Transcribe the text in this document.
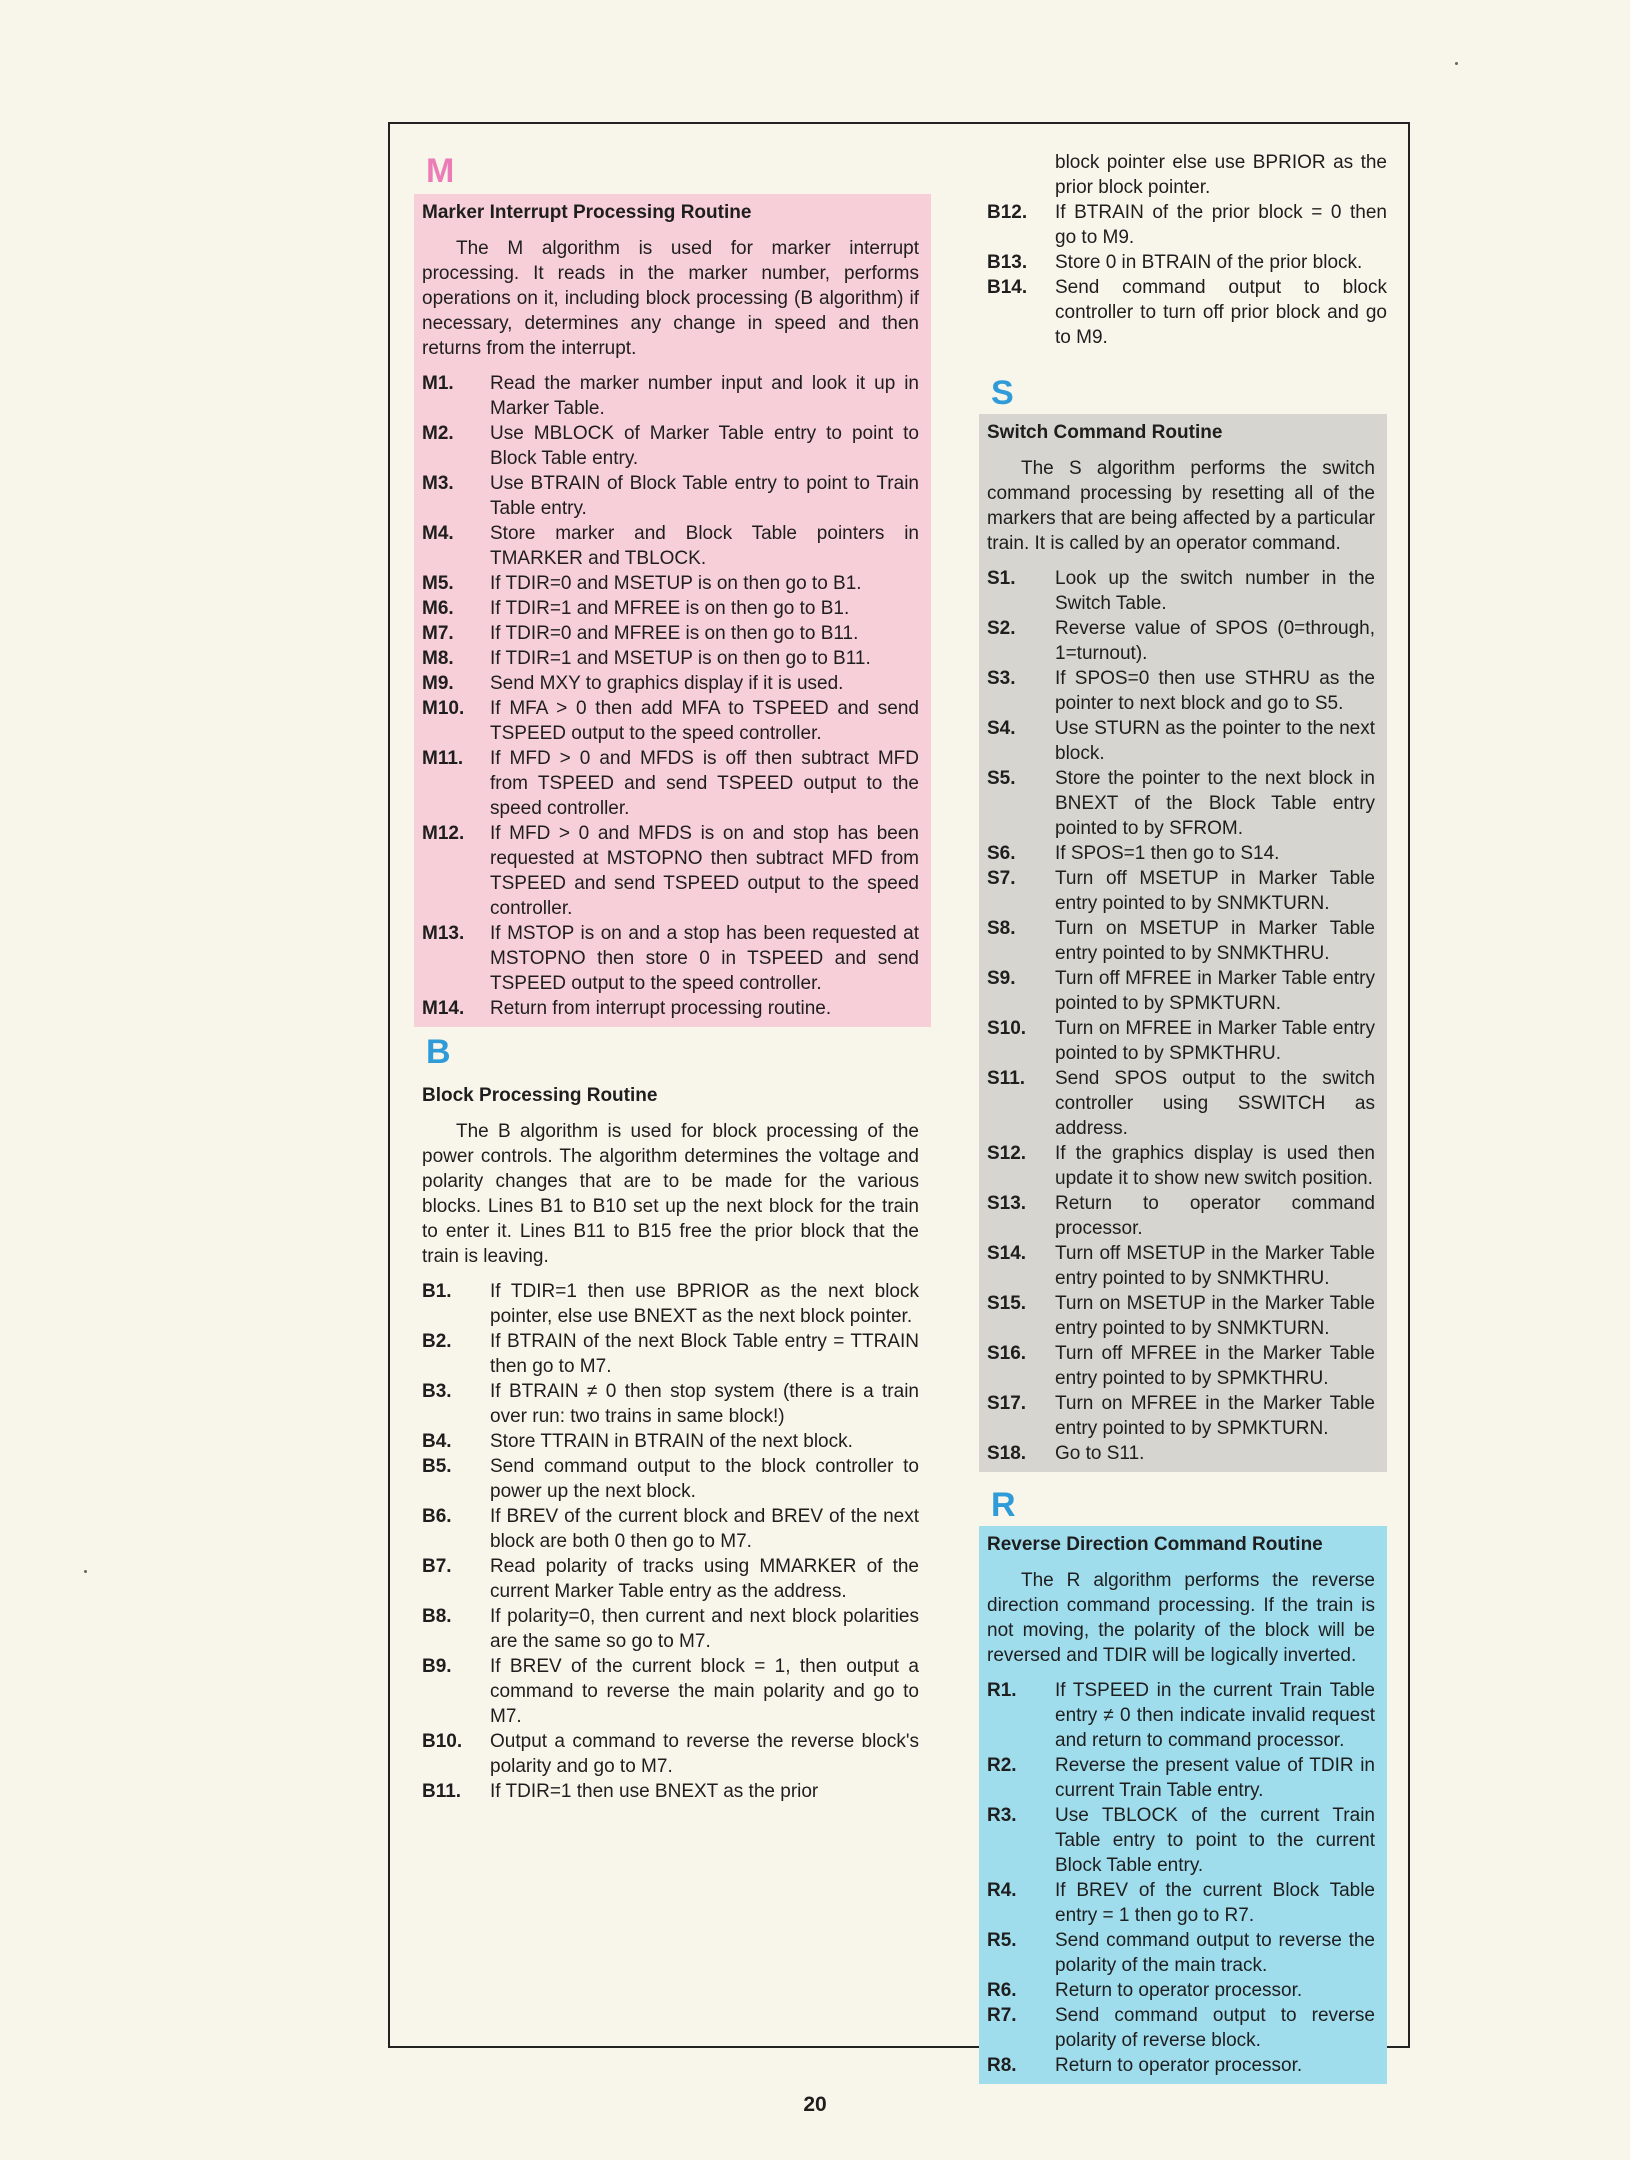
M
Marker Interrupt Processing Routine

The M algorithm is used for marker interrupt processing. It reads in the marker number, performs operations on it, including block processing (B algorithm) if necessary, determines any change in speed and then returns from the interrupt.

M1.	Read the marker number input and look it up in Marker Table.
M2.	Use MBLOCK of Marker Table entry to point to Block Table entry.
M3.	Use BTRAIN of Block Table entry to point to Train Table entry.
M4.	Store marker and Block Table pointers in TMARKER and TBLOCK.
M5.	If TDIR=0 and MSETUP is on then go to B1.
M6.	If TDIR=1 and MFREE is on then go to B1.
M7.	If TDIR=0 and MFREE is on then go to B11.
M8.	If TDIR=1 and MSETUP is on then go to B11.
M9.	Send MXY to graphics display if it is used.
M10.	If MFA > 0 then add MFA to TSPEED and send TSPEED output to the speed controller.
M11.	If MFD > 0 and MFDS is off then subtract MFD from TSPEED and send TSPEED output to the speed controller.
M12.	If MFD > 0 and MFDS is on and stop has been requested at MSTOPNO then subtract MFD from TSPEED and send TSPEED output to the speed controller.
M13.	If MSTOP is on and a stop has been requested at MSTOPNO then store 0 in TSPEED and send TSPEED output to the speed controller.
M14.	Return from interrupt processing routine.
B
Block Processing Routine

The B algorithm is used for block processing of the power controls. The algorithm determines the voltage and polarity changes that are to be made for the various blocks. Lines B1 to B10 set up the next block for the train to enter it. Lines B11 to B15 free the prior block that the train is leaving.

B1.	If TDIR=1 then use BPRIOR as the next block pointer, else use BNEXT as the next block pointer.
B2.	If BTRAIN of the next Block Table entry = TTRAIN then go to M7.
B3.	If BTRAIN ≠ 0 then stop system (there is a train over run: two trains in same block!)
B4.	Store TTRAIN in BTRAIN of the next block.
B5.	Send command output to the block controller to power up the next block.
B6.	If BREV of the current block and BREV of the next block are both 0 then go to M7.
B7.	Read polarity of tracks using MMARKER of the current Marker Table entry as the address.
B8.	If polarity=0, then current and next block polarities are the same so go to M7.
B9.	If BREV of the current block = 1, then output a command to reverse the main polarity and go to M7.
B10.	Output a command to reverse the reverse block's polarity and go to M7.
B11.	If TDIR=1 then use BNEXT as the prior
block pointer else use BPRIOR as the prior block pointer.
B12.	If BTRAIN of the prior block = 0 then go to M9.
B13.	Store 0 in BTRAIN of the prior block.
B14.	Send command output to block controller to turn off prior block and go to M9.
S
Switch Command Routine

The S algorithm performs the switch command processing by resetting all of the markers that are being affected by a particular train. It is called by an operator command.

S1.	Look up the switch number in the Switch Table.
S2.	Reverse value of SPOS (0=through, 1=turnout).
S3.	If SPOS=0 then use STHRU as the pointer to next block and go to S5.
S4.	Use STURN as the pointer to the next block.
S5.	Store the pointer to the next block in BNEXT of the Block Table entry pointed to by SFROM.
S6.	If SPOS=1 then go to S14.
S7.	Turn off MSETUP in Marker Table entry pointed to by SNMKTURN.
S8.	Turn on MSETUP in Marker Table entry pointed to by SNMKTHRU.
S9.	Turn off MFREE in Marker Table entry pointed to by SPMKTURN.
S10.	Turn on MFREE in Marker Table entry pointed to by SPMKTHRU.
S11.	Send SPOS output to the switch controller using SSWITCH as address.
S12.	If the graphics display is used then update it to show new switch position.
S13.	Return to operator command processor.
S14.	Turn off MSETUP in the Marker Table entry pointed to by SNMKTHRU.
S15.	Turn on MSETUP in the Marker Table entry pointed to by SNMKTURN.
S16.	Turn off MFREE in the Marker Table entry pointed to by SPMKTHRU.
S17.	Turn on MFREE in the Marker Table entry pointed to by SPMKTURN.
S18.	Go to S11.
R
Reverse Direction Command Routine

The R algorithm performs the reverse direction command processing. If the train is not moving, the polarity of the block will be reversed and TDIR will be logically inverted.

R1.	If TSPEED in the current Train Table entry ≠ 0 then indicate invalid request and return to command processor.
R2.	Reverse the present value of TDIR in current Train Table entry.
R3.	Use TBLOCK of the current Train Table entry to point to the current Block Table entry.
R4.	If BREV of the current Block Table entry = 1 then go to R7.
R5.	Send command output to reverse the polarity of the main track.
R6.	Return to operator processor.
R7.	Send command output to reverse polarity of reverse block.
R8.	Return to operator processor.
20
